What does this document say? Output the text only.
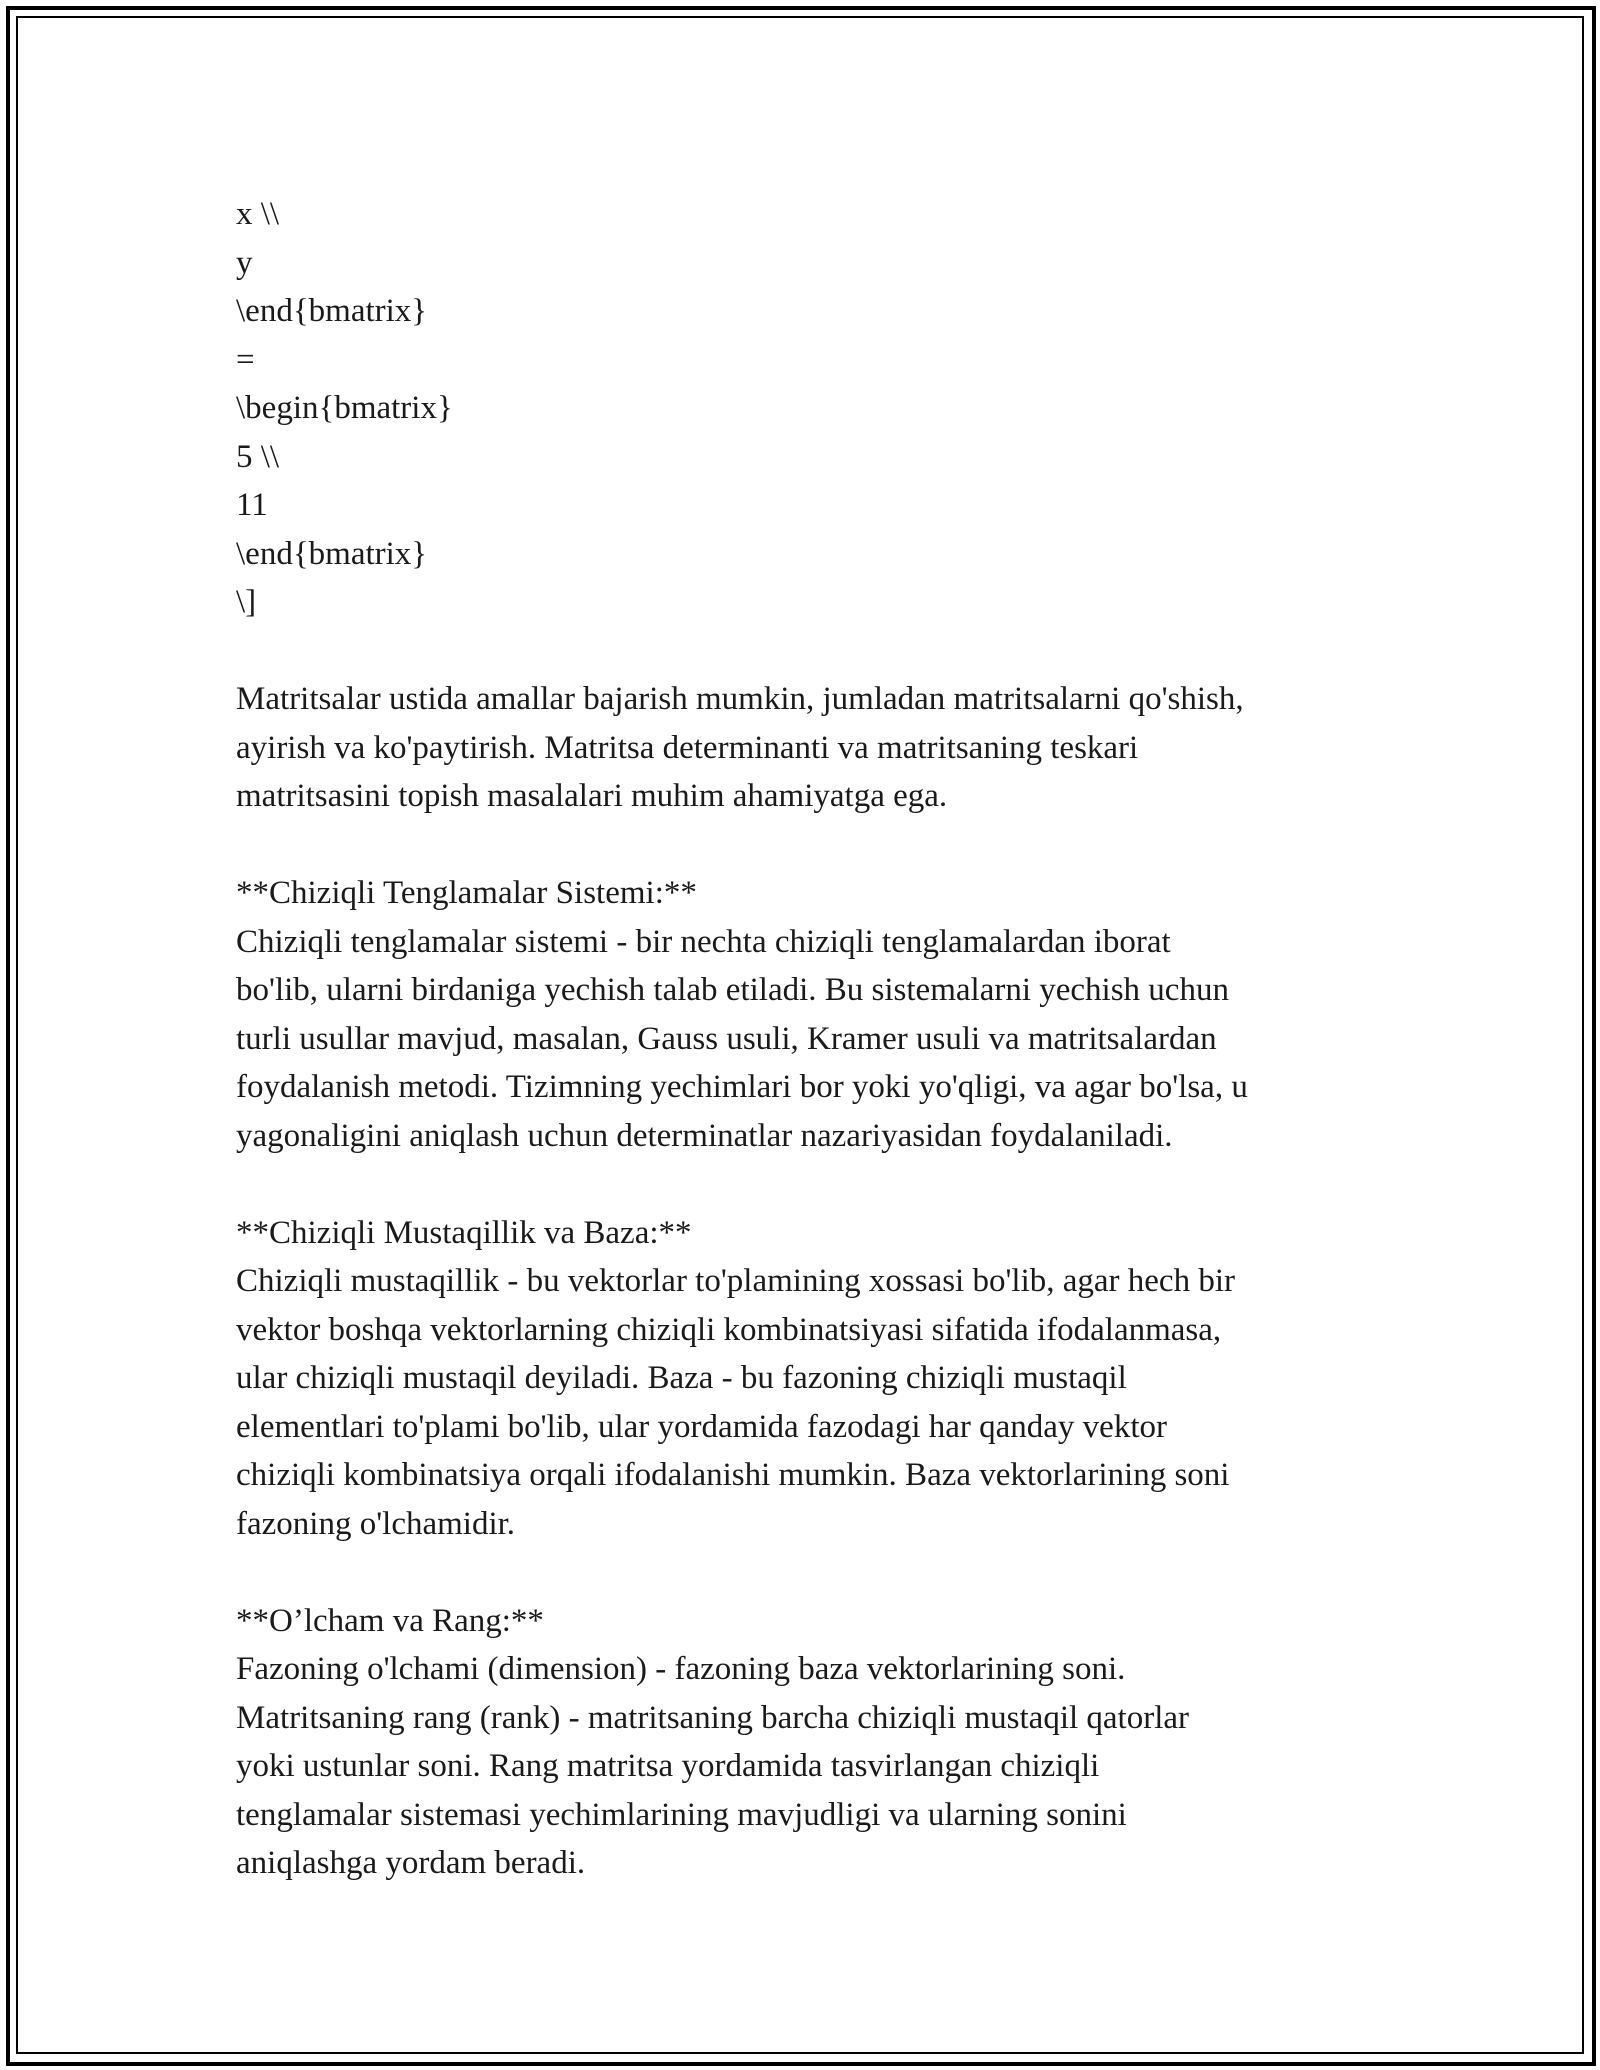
x \\
y
\end{bmatrix}
=
\begin{bmatrix}
5 \\
11
\end{bmatrix}
\]
Matritsalar ustida amallar bajarish mumkin, jumladan matritsalarni qo'shish,
ayirish va ko'paytirish. Matritsa determinanti va matritsaning teskari
matritsasini topish masalalari muhim ahamiyatga ega.
**Chiziqli Tenglamalar Sistemi:**
Chiziqli tenglamalar sistemi - bir nechta chiziqli tenglamalardan iborat
bo'lib, ularni birdaniga yechish talab etiladi. Bu sistemalarni yechish uchun
turli usullar mavjud, masalan, Gauss usuli, Kramer usuli va matritsalardan
foydalanish metodi. Tizimning yechimlari bor yoki yo'qligi, va agar bo'lsa, u
yagonaligini aniqlash uchun determinatlar nazariyasidan foydalaniladi.
**Chiziqli Mustaqillik va Baza:**
Chiziqli mustaqillik - bu vektorlar to'plamining xossasi bo'lib, agar hech bir
vektor boshqa vektorlarning chiziqli kombinatsiyasi sifatida ifodalanmasa,
ular chiziqli mustaqil deyiladi. Baza - bu fazoning chiziqli mustaqil
elementlari to'plami bo'lib, ular yordamida fazodagi har qanday vektor
chiziqli kombinatsiya orqali ifodalanishi mumkin. Baza vektorlarining soni
fazoning o'lchamidir.
**O’lcham va Rang:**
Fazoning o'lchami (dimension) - fazoning baza vektorlarining soni.
Matritsaning rang (rank) - matritsaning barcha chiziqli mustaqil qatorlar
yoki ustunlar soni. Rang matritsa yordamida tasvirlangan chiziqli
tenglamalar sistemasi yechimlarining mavjudligi va ularning sonini
aniqlashga yordam beradi.
